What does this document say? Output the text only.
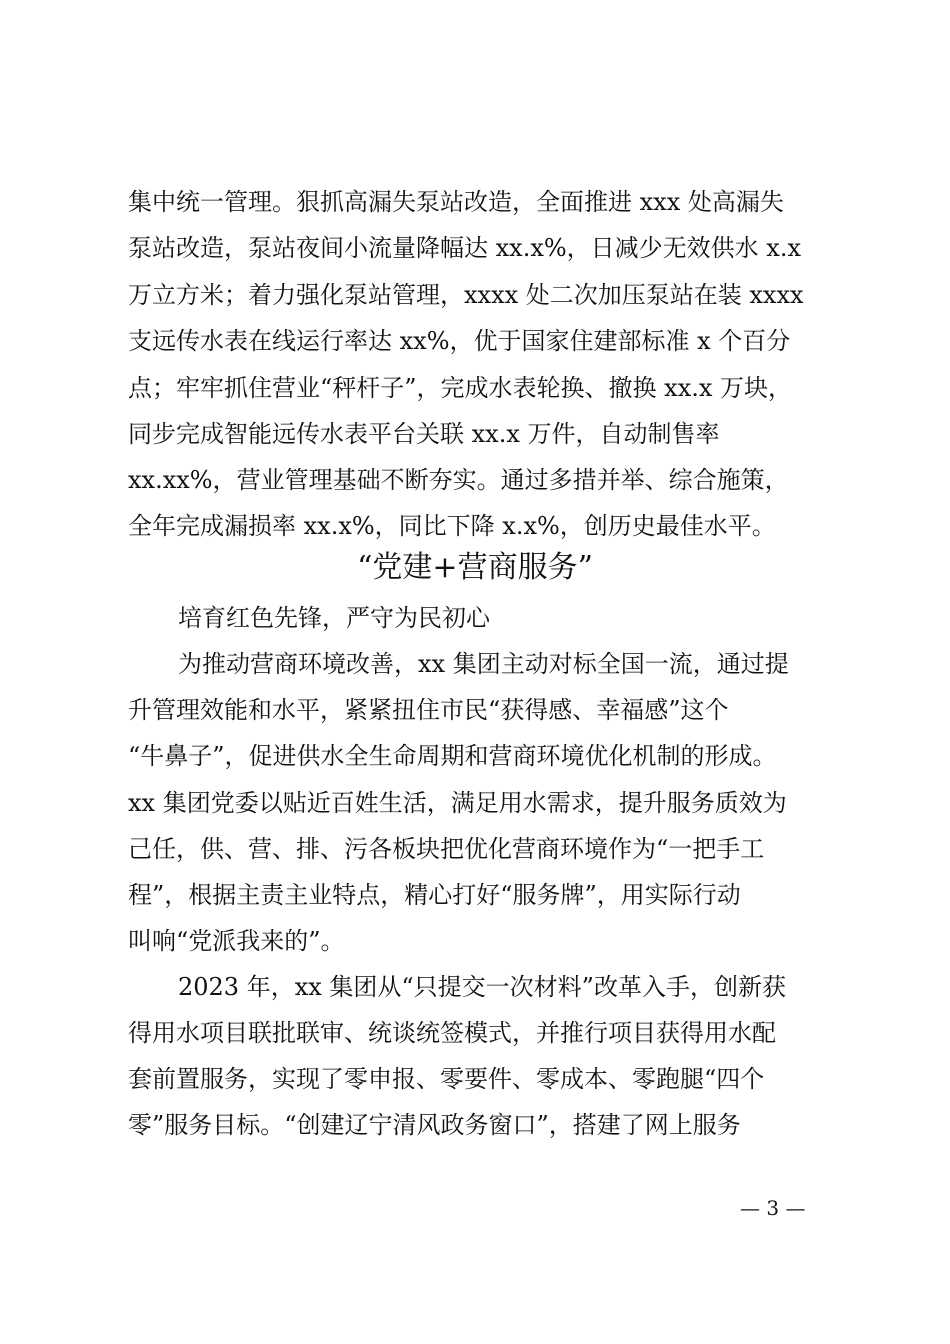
集中统一管理。狠抓高漏失泵站改造，全面推进 xxx 处高漏失
泵站改造，泵站夜间小流量降幅达 xx.x%，日减少无效供水 x.x
万立方米；着力强化泵站管理，xxxx 处二次加压泵站在装 xxxx
支远传水表在线运行率达 xx%，优于国家住建部标准 x 个百分
点；牢牢抓住营业“秤杆子”，完成水表轮换、撤换 xx.x 万块，
同步完成智能远传水表平台关联 xx.x 万件，自动制售率
xx.xx%，营业管理基础不断夯实。通过多措并举、综合施策，
全年完成漏损率 xx.x%，同比下降 x.x%，创历史最佳水平。
“党建+营商服务”
培育红色先锋，严守为民初心
为推动营商环境改善，xx 集团主动对标全国一流，通过提
升管理效能和水平，紧紧扭住市民“获得感、幸福感”这个
“牛鼻子”，促进供水全生命周期和营商环境优化机制的形成。
xx 集团党委以贴近百姓生活，满足用水需求，提升服务质效为
己任，供、营、排、污各板块把优化营商环境作为“一把手工
程”，根据主责主业特点，精心打好“服务牌”，用实际行动
叫响“党派我来的”。
2023 年，xx 集团从“只提交一次材料”改革入手，创新获
得用水项目联批联审、统谈统签模式，并推行项目获得用水配
套前置服务，实现了零申报、零要件、零成本、零跑腿“四个
零”服务目标。“创建辽宁清风政务窗口”，搭建了网上服务
— 3 —
